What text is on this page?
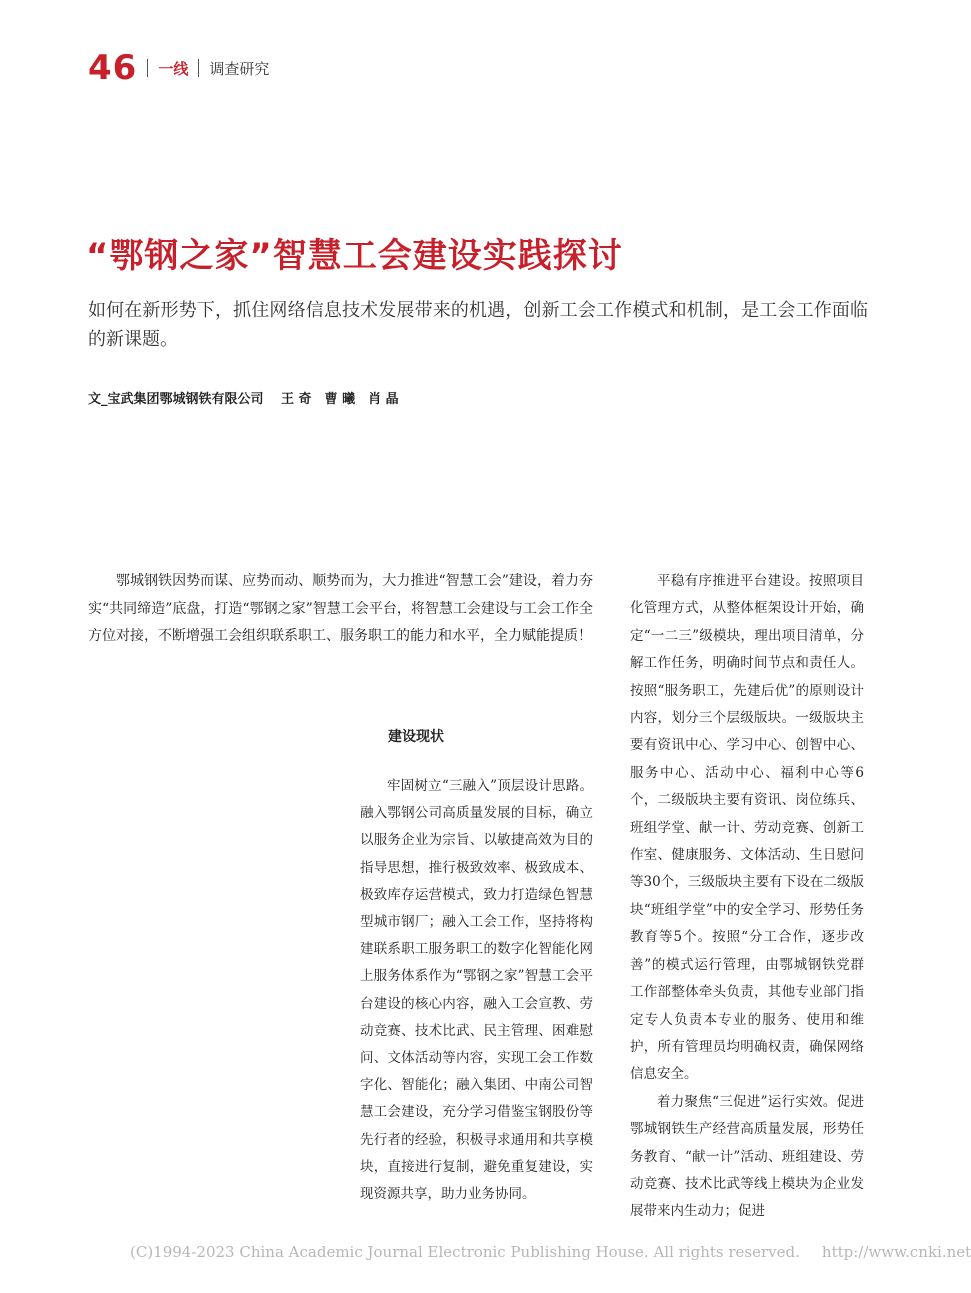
46 一线 调查研究
“鄂钢之家”智慧工会建设实践探讨

如何在新形势下，抓住网络信息技术发展带来的机遇，创新工会工作模式和机制，是工会工作面临的新课题。

文_宝武集团鄂城钢铁有限公司　 王 奇　曹 曦　肖 晶

鄂城钢铁因势而谋、应势而动、顺势而为，大力推进“智慧工会”建设，着力夯实“共同缔造”底盘，打造“鄂钢之家”智慧工会平台，将智慧工会建设与工会工作全方位对接，不断增强工会组织联系职工、服务职工的能力和水平，全力赋能提质！

建设现状

牢固树立“三融入”顶层设计思路。融入鄂钢公司高质量发展的目标，确立以服务企业为宗旨、以敏捷高效为目的指导思想，推行极致效率、极致成本、极致库存运营模式，致力打造绿色智慧型城市钢厂；融入工会工作，坚持将构建联系职工服务职工的数字化智能化网上服务体系作为“鄂钢之家”智慧工会平台建设的核心内容，融入工会宣教、劳动竞赛、技术比武、民主管理、困难慰问、文体活动等内容，实现工会工作数字化、智能化；融入集团、中南公司智慧工会建设，充分学习借鉴宝钢股份等先行者的经验，积极寻求通用和共享模块，直接进行复制，避免重复建设，实现资源共享，助力业务协同。

平稳有序推进平台建设。按照项目化管理方式，从整体框架设计开始，确定“一二三”级模块，理出项目清单，分解工作任务，明确时间节点和责任人。按照“服务职工，先建后优”的原则设计内容，划分三个层级版块。一级版块主要有资讯中心、学习中心、创智中心、服务中心、活动中心、福利中心等6个，二级版块主要有资讯、岗位练兵、班组学堂、献一计、劳动竞赛、创新工作室、健康服务、文体活动、生日慰问等30个，三级版块主要有下设在二级版块“班组学堂”中的安全学习、形势任务教育等5个。按照“分工合作，逐步改善”的模式运行管理，由鄂城钢铁党群工作部整体牵头负责，其他专业部门指定专人负责本专业的服务、使用和维护，所有管理员均明确权责，确保网络信息安全。

着力聚焦“三促进”运行实效。促进鄂城钢铁生产经营高质量发展，形势任务教育、“献一计”活动、班组建设、劳动竞赛、技术比武等线上模块为企业发展带来内生动力；促进

(C)1994-2023 China Academic Journal Electronic Publishing House. All rights reserved. http://www.cnki.net
